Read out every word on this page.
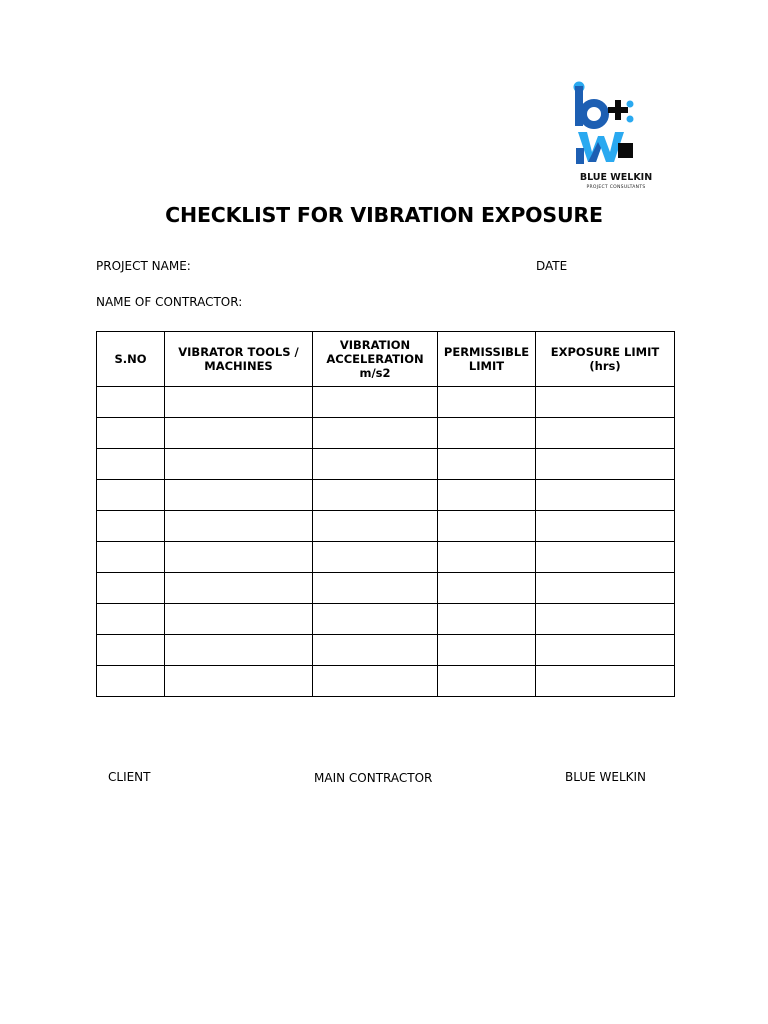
BLUE WELKIN
PROJECT CONSULTANTS
CHECKLIST FOR VIBRATION EXPOSURE
PROJECT NAME:	DATE
NAME OF CONTRACTOR:
S.NO	VIBRATOR TOOLS / MACHINES	VIBRATION ACCELERATION m/s2	PERMISSIBLE LIMIT	EXPOSURE LIMIT (hrs)

CLIENT	MAIN CONTRACTOR	BLUE WELKIN
